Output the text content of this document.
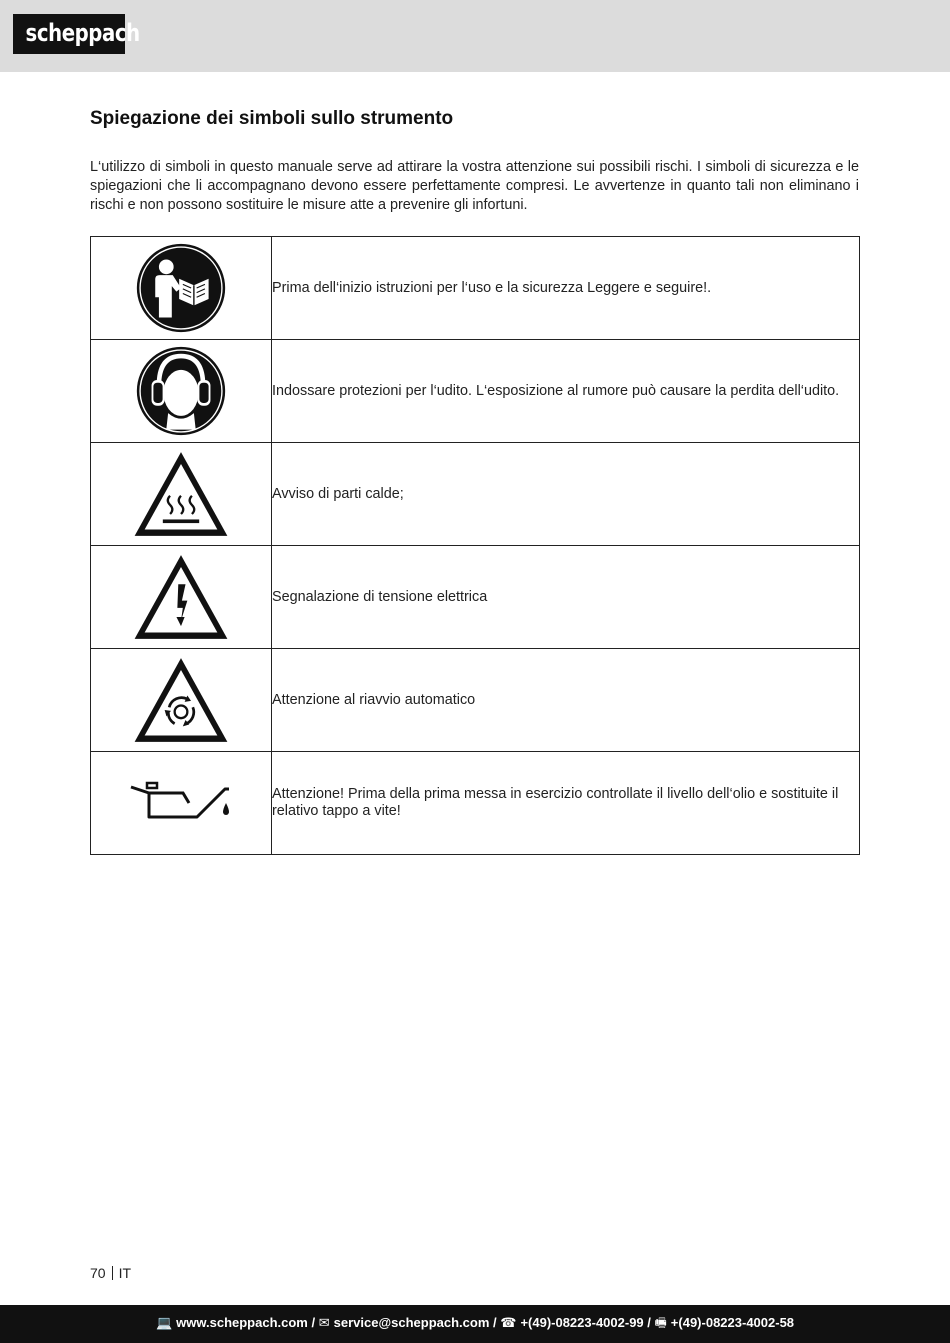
scheppach
Spiegazione dei simboli sullo strumento

L‘utilizzo di simboli in questo manuale serve ad attirare la vostra attenzione sui possibili rischi. I simboli di sicurezza e le spiegazioni che li accompagnano devono essere perfettamente compresi. Le avvertenze in quanto tali non eliminano i rischi e non possono sostituire le misure atte a prevenire gli infortuni.

	Prima dell‘inizio istruzioni per l‘uso e la sicurezza Leggere e seguire!.

	Indossare protezioni per l‘udito. L‘esposizione al rumore può causare la perdita dell‘udito.

	Avviso di parti calde;

	Segnalazione di tensione elettrica

	Attenzione al riavvio automatico

	Attenzione! Prima della prima messa in esercizio controllate il livello dell‘olio e sostituite il relativo tappo a vite!
70 IT
💻 www.scheppach.com / ✉ service@scheppach.com / ☎ +(49)-08223-4002-99 / 🖷 +(49)-08223-4002-58
